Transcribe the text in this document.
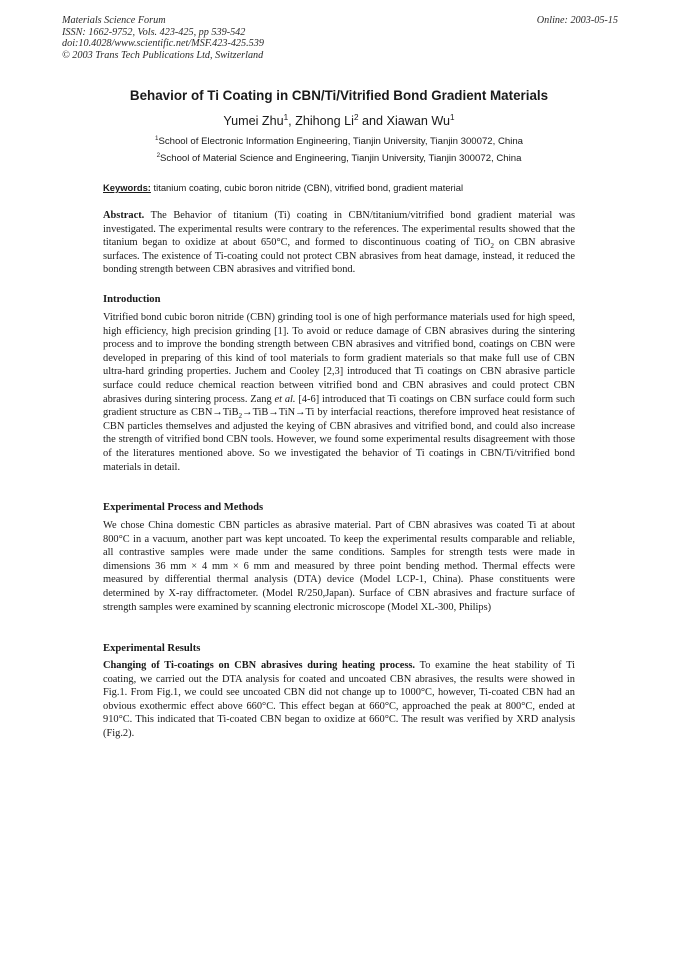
Materials Science Forum
ISSN: 1662-9752, Vols. 423-425, pp 539-542
doi:10.4028/www.scientific.net/MSF.423-425.539
© 2003 Trans Tech Publications Ltd, Switzerland
Online: 2003-05-15
Behavior of Ti Coating in CBN/Ti/Vitrified Bond Gradient Materials
Yumei Zhu$^1$, Zhihong Li$^2$ and Xiawan Wu$^1$
$^1$School of Electronic Information Engineering, Tianjin University, Tianjin 300072, China
$^2$School of Material Science and Engineering, Tianjin University, Tianjin 300072, China
Keywords: titanium coating, cubic boron nitride (CBN), vitrified bond, gradient material

Abstract. The Behavior of titanium (Ti) coating in CBN/titanium/vitrified bond gradient material was investigated. The experimental results were contrary to the references. The experimental results showed that the titanium began to oxidize at about 650°C, and formed to discontinuous coating of TiO$_2$ on CBN abrasive surfaces. The existence of Ti-coating could not protect CBN abrasives from heat damage, instead, it reduced the bonding strength between CBN abrasives and vitrified bond.

Introduction

Vitrified bond cubic boron nitride (CBN) grinding tool is one of high performance materials used for high speed, high efficiency, high precision grinding [1]. To avoid or reduce damage of CBN abrasives during the sintering process and to improve the bonding strength between CBN abrasives and vitrified bond, coatings on CBN were developed in preparing of this kind of tool materials to form gradient materials so that make full use of CBN ultra-hard grinding properties. Juchem and Cooley [2,3] introduced that Ti coatings on CBN abrasive particle surface could reduce chemical reaction between vitrified bond and CBN abrasives and could protect CBN abrasives during sintering process. Zang et al. [4-6] introduced that Ti coatings on CBN surface could form such gradient structure as CBN→TiB$_2$→TiB→TiN→Ti by interfacial reactions, therefore improved heat resistance of CBN particles themselves and adjusted the keying of CBN abrasives and vitrified bond, and could also increase the strength of vitrified bond CBN tools. However, we found some experimental results disagreement with those of the literatures mentioned above. So we investigated the behavior of Ti coatings in CBN/Ti/vitrified bond materials in detail.

Experimental Process and Methods

We chose China domestic CBN particles as abrasive material. Part of CBN abrasives was coated Ti at about 800°C in a vacuum, another part was kept uncoated. To keep the experimental results comparable and reliable, all contrastive samples were made under the same conditions. Samples for strength tests were made in dimensions 36 mm × 4 mm × 6 mm and measured by three point bending method. Thermal effects were measured by differential thermal analysis (DTA) device (Model LCP-1, China). Phase constituents were determined by X-ray diffractometer. (Model R/250,Japan). Surface of CBN abrasives and fracture surface of strength samples were examined by scanning electronic microscope (Model XL-300, Philips)

Experimental Results

Changing of Ti-coatings on CBN abrasives during heating process. To examine the heat stability of Ti coating, we carried out the DTA analysis for coated and uncoated CBN abrasives, the results were showed in Fig.1. From Fig.1, we could see uncoated CBN did not change up to 1000°C, however, Ti-coated CBN had an obvious exothermic effect above 660°C. This effect began at 660°C, approached the peak at 800°C, ended at 910°C. This indicated that Ti-coated CBN began to oxidize at 660°C. The result was verified by XRD analysis (Fig.2).
